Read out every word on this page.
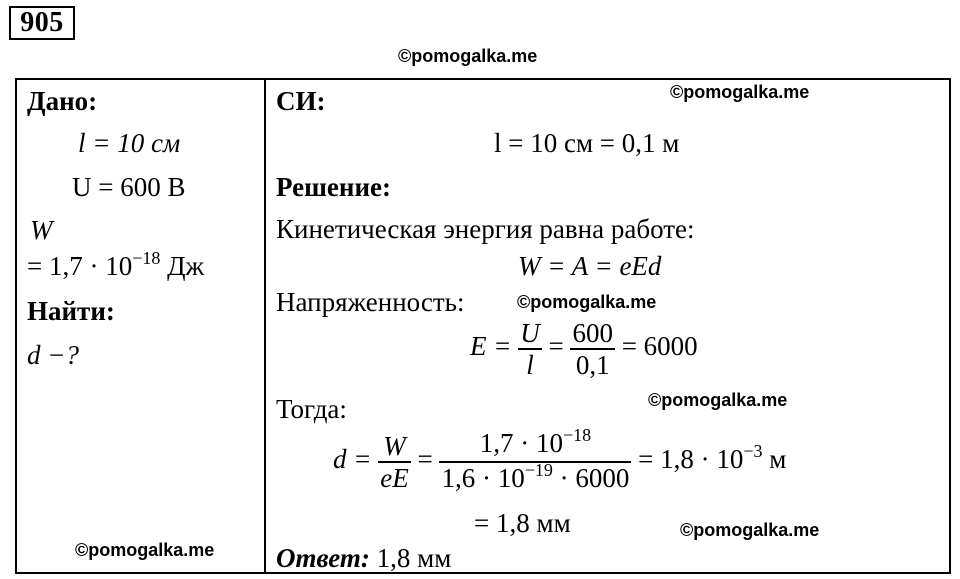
905
©pomogalka.me
©pomogalka.me
©pomogalka.me
©pomogalka.me
©pomogalka.me
©pomogalka.me
Дано:
l = 10 см
U = 600 В
W
= $1,7 \cdot 10^{-18}$ Дж
Найти:
d −?
СИ:
l = 10 см = 0,1 м
Решение:
Кинетическая энергия равна работе:
W = A = eEd
Напряженность:
$E = \frac{U}{l} = \frac{600}{0,1} = 6000$
Тогда:
$d = \frac{W}{eE} = \frac{1,7 \cdot 10^{-18}}{1,6 \cdot 10^{-19} \cdot 6000} = 1,8 \cdot 10^{-3}$ м
= 1,8 мм
Ответ: 1,8 мм
